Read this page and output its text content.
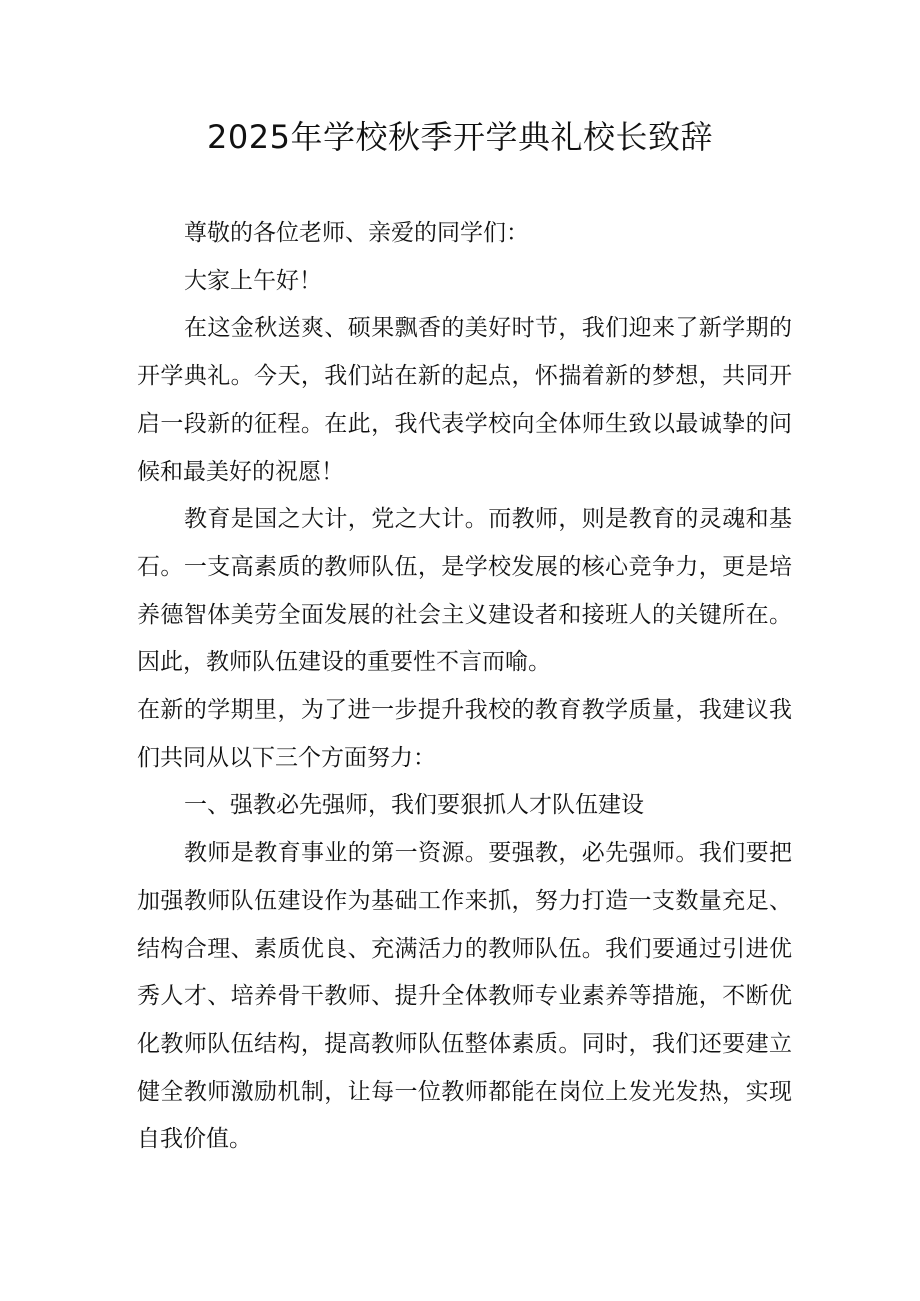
2025年学校秋季开学典礼校长致辞

尊敬的各位老师、亲爱的同学们：

大家上午好！

在这金秋送爽、硕果飘香的美好时节，我们迎来了新学期的开学典礼。今天，我们站在新的起点，怀揣着新的梦想，共同开启一段新的征程。在此，我代表学校向全体师生致以最诚挚的问候和最美好的祝愿！

教育是国之大计，党之大计。而教师，则是教育的灵魂和基石。一支高素质的教师队伍，是学校发展的核心竞争力，更是培养德智体美劳全面发展的社会主义建设者和接班人的关键所在。因此，教师队伍建设的重要性不言而喻。

在新的学期里，为了进一步提升我校的教育教学质量，我建议我们共同从以下三个方面努力：

一、强教必先强师，我们要狠抓人才队伍建设

教师是教育事业的第一资源。要强教，必先强师。我们要把加强教师队伍建设作为基础工作来抓，努力打造一支数量充足、结构合理、素质优良、充满活力的教师队伍。我们要通过引进优秀人才、培养骨干教师、提升全体教师专业素养等措施，不断优化教师队伍结构，提高教师队伍整体素质。同时，我们还要建立健全教师激励机制，让每一位教师都能在岗位上发光发热，实现自我价值。
